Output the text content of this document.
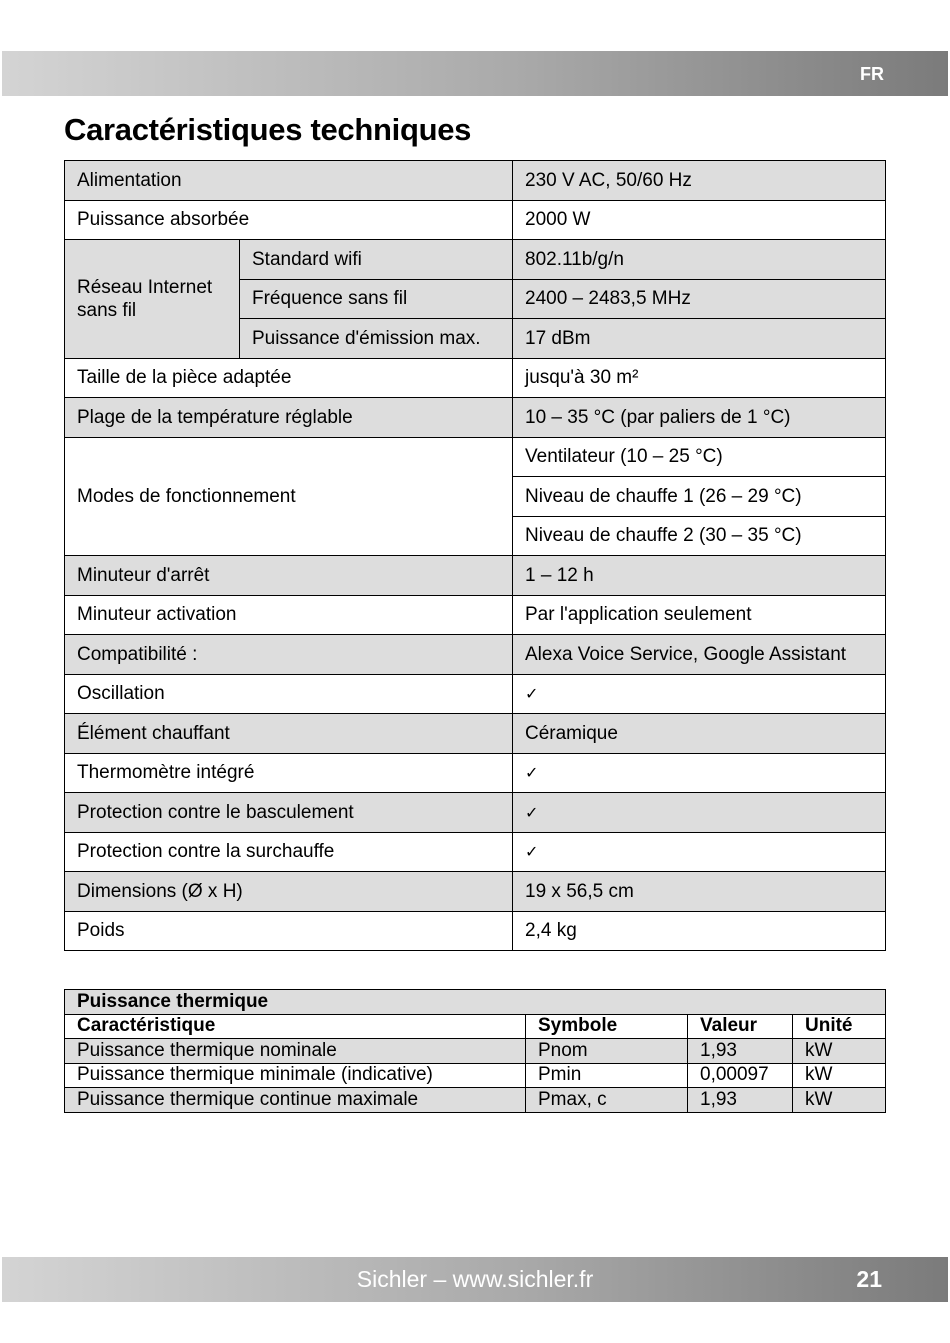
FR
Caractéristiques techniques
Alimentation		230 V AC, 50/60 Hz
Puissance absorbée		2000 W
Réseau Internet sans fil	Standard wifi	802.11b/g/n
	Fréquence sans fil	2400 – 2483,5 MHz
	Puissance d'émission max.	17 dBm
Taille de la pièce adaptée		jusqu'à 30 m²
Plage de la température réglable		10 – 35 °C (par paliers de 1 °C)
Modes de fonctionnement		Ventilateur (10 – 25 °C)
		Niveau de chauffe 1 (26 – 29 °C)
		Niveau de chauffe 2 (30 – 35 °C)
Minuteur d'arrêt		1 – 12 h
Minuteur activation		Par l'application seulement
Compatibilité :		Alexa Voice Service, Google Assistant
Oscillation		✓
Élément chauffant		Céramique
Thermomètre intégré		✓
Protection contre le basculement		✓
Protection contre la surchauffe		✓
Dimensions (Ø x H)		19 x 56,5 cm
Poids		2,4 kg
Puissance thermique			
Caractéristique	Symbole	Valeur	Unité
Puissance thermique nominale	Pnom	1,93	kW
Puissance thermique minimale (indicative)	Pmin	0,00097	kW
Puissance thermique continue maximale	Pmax, c	1,93	kW
Sichler – www.sichler.fr	21
